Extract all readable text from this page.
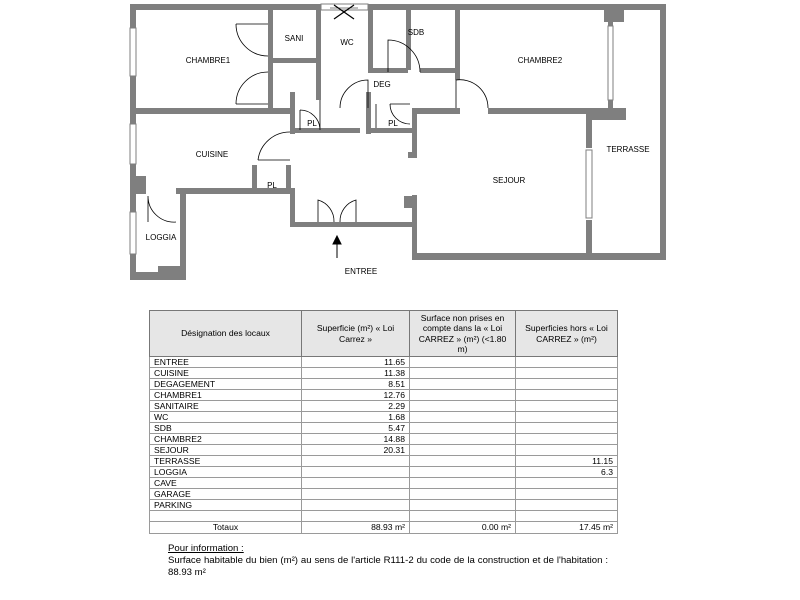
CHAMBRE1
SANI	WC
SDB
CHAMBRE2
DEG
PL	PL
CUISINE
PL
SEJOUR
TERRASSE
LOGGIA
ENTREE
Désignation des locaux	Superficie (m²) « Loi Carrez »	Surface non prises en compte dans la « Loi CARREZ » (m²) (<1.80 m)	Superficies hors « Loi CARREZ » (m²)
ENTREE	11.65		
CUISINE	11.38		
DEGAGEMENT	8.51		
CHAMBRE1	12.76		
SANITAIRE	2.29		
WC	1.68		
SDB	5.47		
CHAMBRE2	14.88		
SEJOUR	20.31		
TERRASSE			11.15
LOGGIA			6.3
CAVE			
GARAGE			
PARKING			

Totaux	88.93 m²	0.00 m²	17.45 m²
Pour information :
Surface habitable du bien (m²) au sens de l'article R111-2 du code de la construction et de l'habitation : 88.93 m²
